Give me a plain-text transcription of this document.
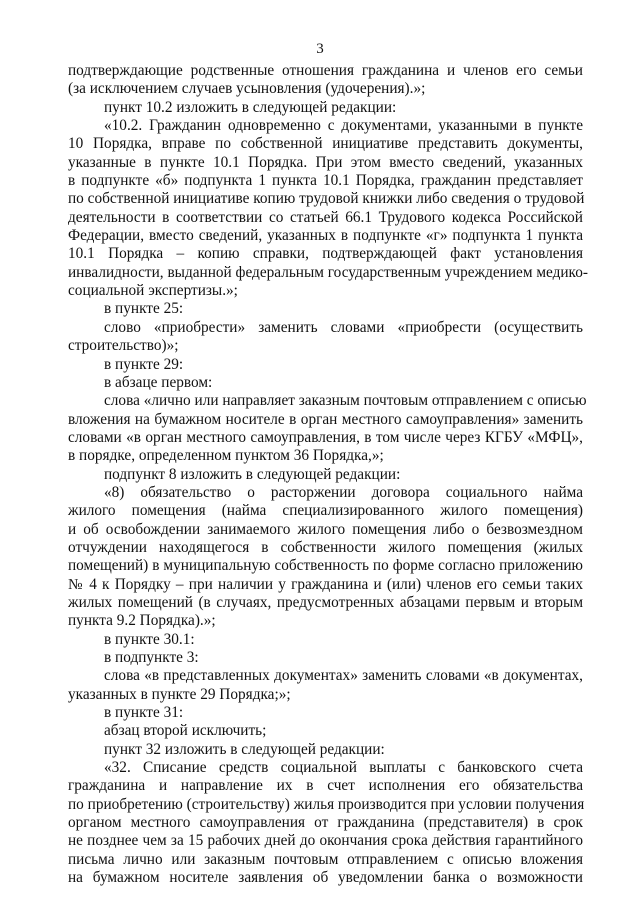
3
подтверждающие родственные отношения гражданина и членов его семьи
(за исключением случаев усыновления (удочерения).»;
пункт 10.2 изложить в следующей редакции:
«10.2. Гражданин одновременно с документами, указанными в пункте
10 Порядка, вправе по собственной инициативе представить документы,
указанные в пункте 10.1 Порядка. При этом вместо сведений, указанных
в подпункте «б» подпункта 1 пункта 10.1 Порядка, гражданин представляет
по собственной инициативе копию трудовой книжки либо сведения о трудовой
деятельности в соответствии со статьей 66.1 Трудового кодекса Российской
Федерации, вместо сведений, указанных в подпункте «г» подпункта 1 пункта
10.1 Порядка – копию справки, подтверждающей факт установления
инвалидности, выданной федеральным государственным учреждением медико-
социальной экспертизы.»;
в пункте 25:
слово «приобрести» заменить словами «приобрести (осуществить
строительство)»;
в пункте 29:
в абзаце первом:
слова «лично или направляет заказным почтовым отправлением с описью
вложения на бумажном носителе в орган местного самоуправления» заменить
словами «в орган местного самоуправления, в том числе через КГБУ «МФЦ»,
в порядке, определенном пунктом 36 Порядка,»;
подпункт 8 изложить в следующей редакции:
«8) обязательство о расторжении договора социального найма
жилого помещения (найма специализированного жилого помещения)
и об освобождении занимаемого жилого помещения либо о безвозмездном
отчуждении находящегося в собственности жилого помещения (жилых
помещений) в муниципальную собственность по форме согласно приложению
№ 4 к Порядку – при наличии у гражданина и (или) членов его семьи таких
жилых помещений (в случаях, предусмотренных абзацами первым и вторым
пункта 9.2 Порядка).»;
в пункте 30.1:
в подпункте 3:
слова «в представленных документах» заменить словами «в документах,
указанных в пункте 29 Порядка;»;
в пункте 31:
абзац второй исключить;
пункт 32 изложить в следующей редакции:
«32. Списание средств социальной выплаты с банковского счета
гражданина и направление их в счет исполнения его обязательства
по приобретению (строительству) жилья производится при условии получения
органом местного самоуправления от гражданина (представителя) в срок
не позднее чем за 15 рабочих дней до окончания срока действия гарантийного
письма лично или заказным почтовым отправлением с описью вложения
на бумажном носителе заявления об уведомлении банка о возможности
